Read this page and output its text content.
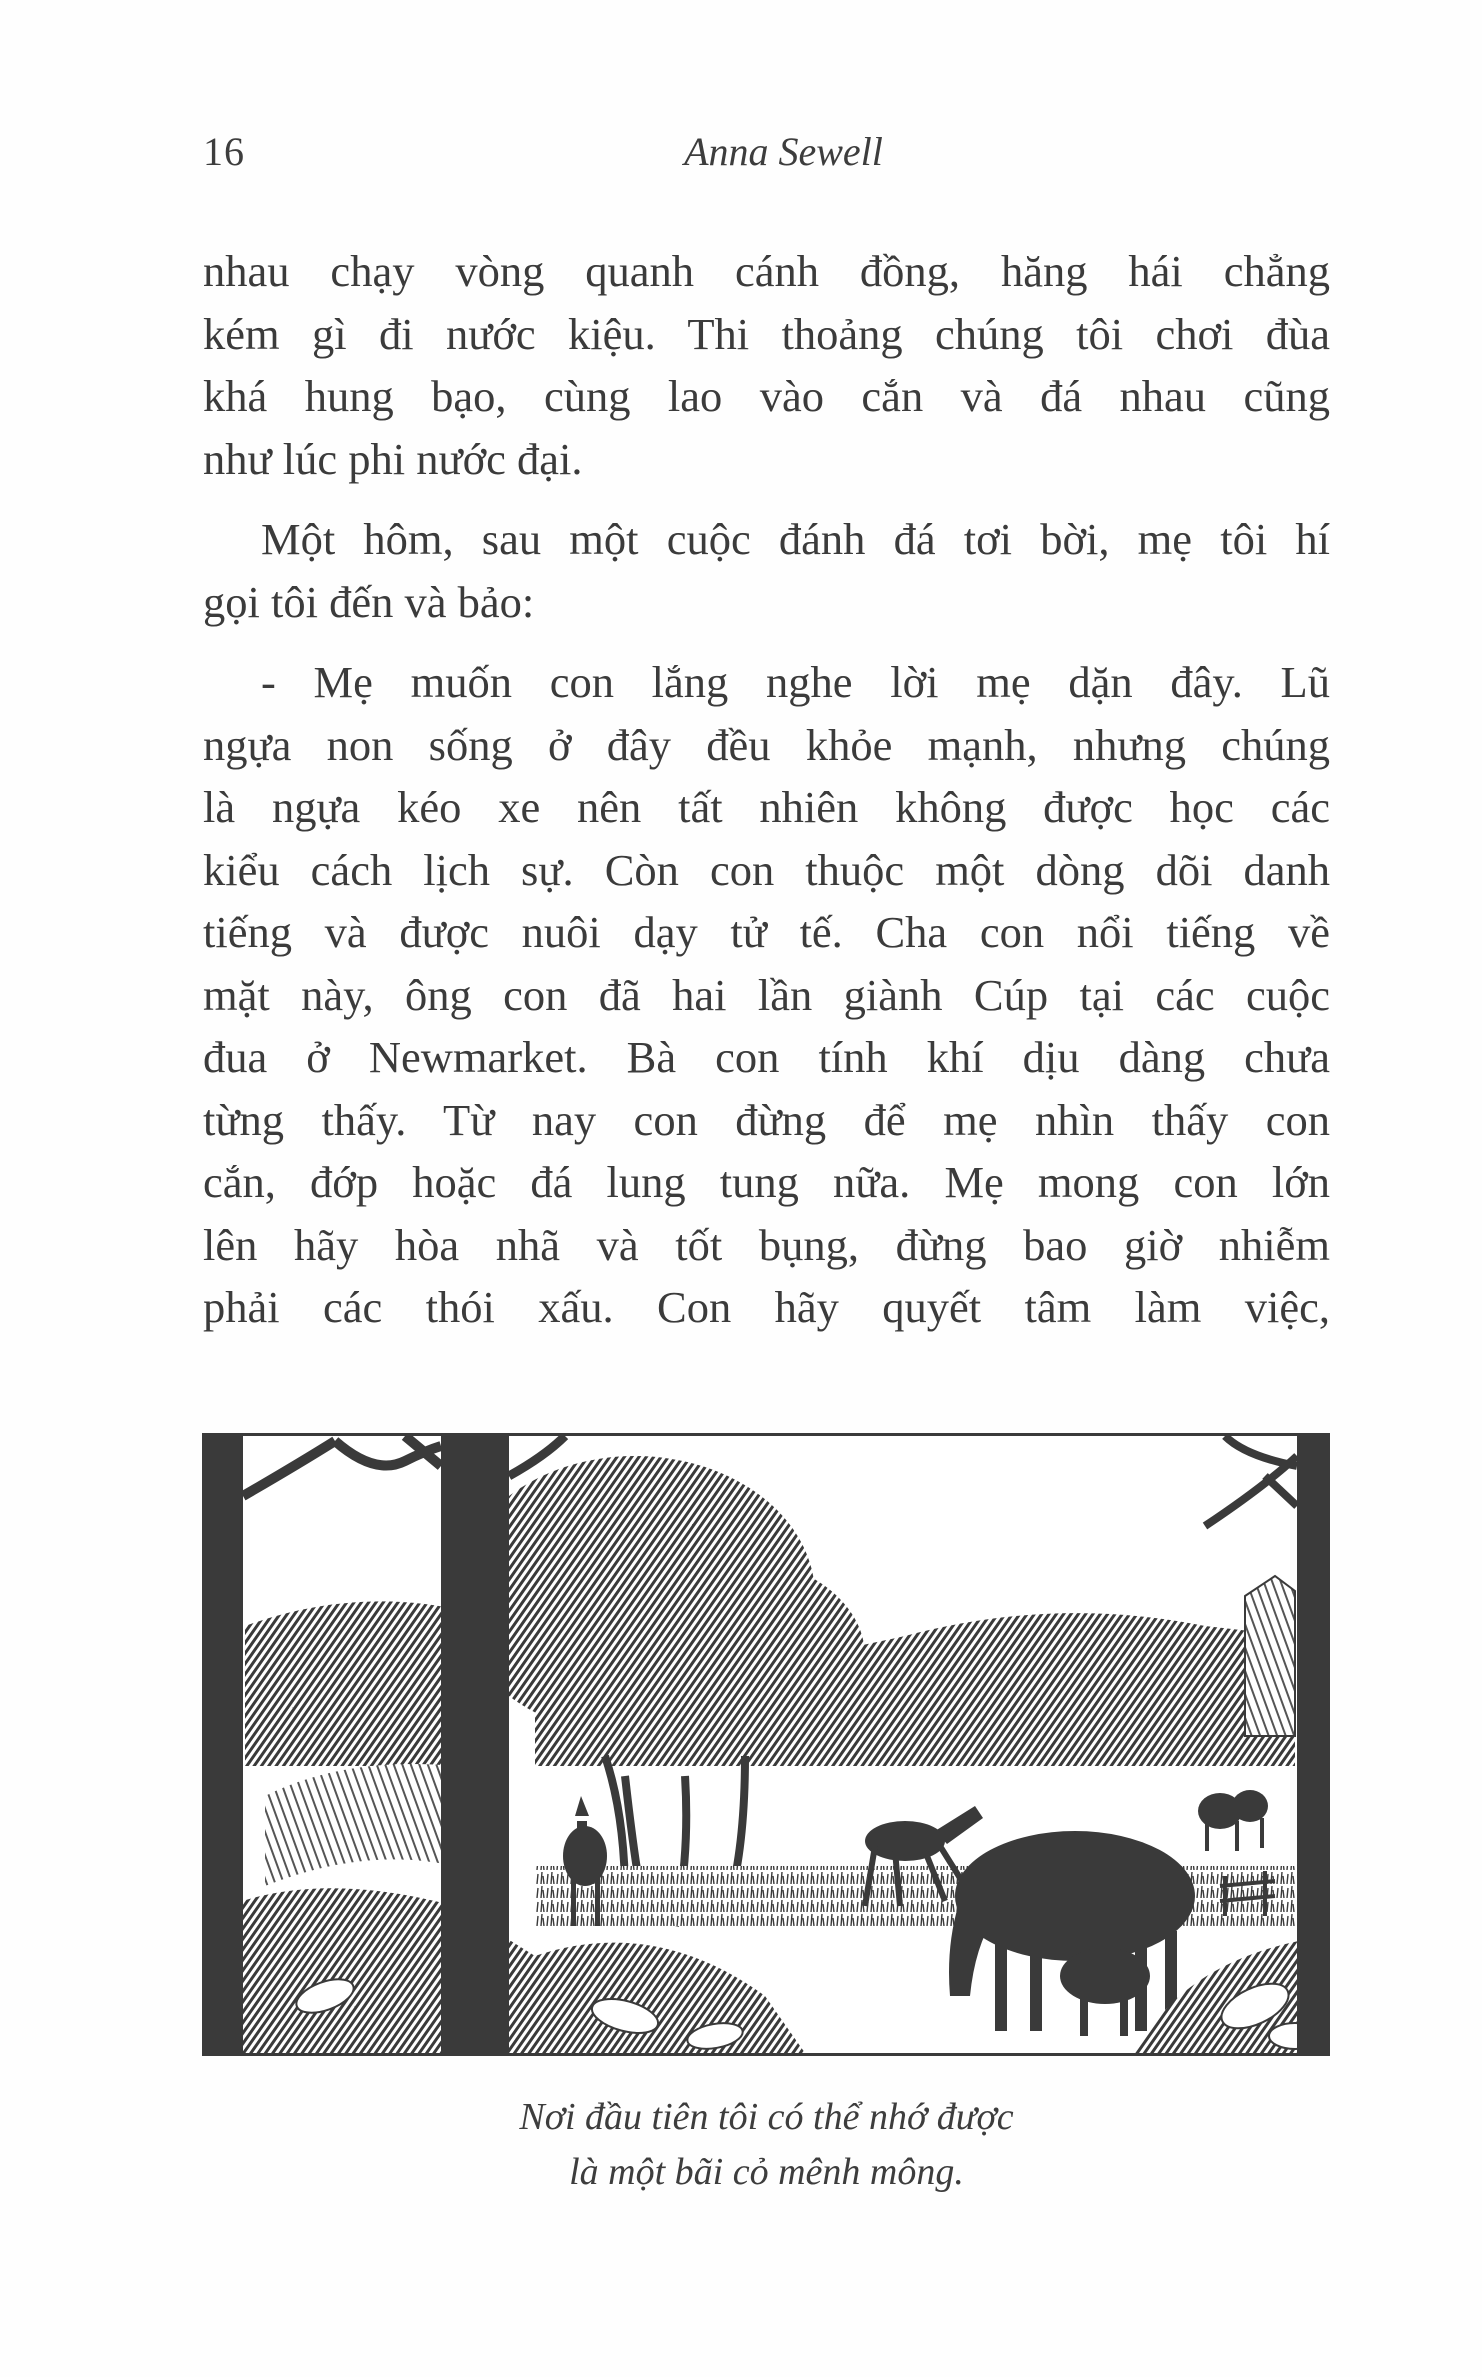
16	Anna Sewell

nhau chạy vòng quanh cánh đồng, hăng hái chẳng
kém gì đi nước kiệu. Thi thoảng chúng tôi chơi đùa
khá hung bạo, cùng lao vào cắn và đá nhau cũng
như lúc phi nước đại.

Một hôm, sau một cuộc đánh đá tơi bời, mẹ tôi hí
gọi tôi đến và bảo:

- Mẹ muốn con lắng nghe lời mẹ dặn đây. Lũ
ngựa non sống ở đây đều khỏe mạnh, nhưng chúng
là ngựa kéo xe nên tất nhiên không được học các
kiểu cách lịch sự. Còn con thuộc một dòng dõi danh
tiếng và được nuôi dạy tử tế. Cha con nổi tiếng về
mặt này, ông con đã hai lần giành Cúp tại các cuộc
đua ở Newmarket. Bà con tính khí dịu dàng chưa
từng thấy. Từ nay con đừng để mẹ nhìn thấy con
cắn, đớp hoặc đá lung tung nữa. Mẹ mong con lớn
lên hãy hòa nhã và tốt bụng, đừng bao giờ nhiễm
phải các thói xấu. Con hãy quyết tâm làm việc,

Nơi đầu tiên tôi có thể nhớ được
là một bãi cỏ mênh mông.
